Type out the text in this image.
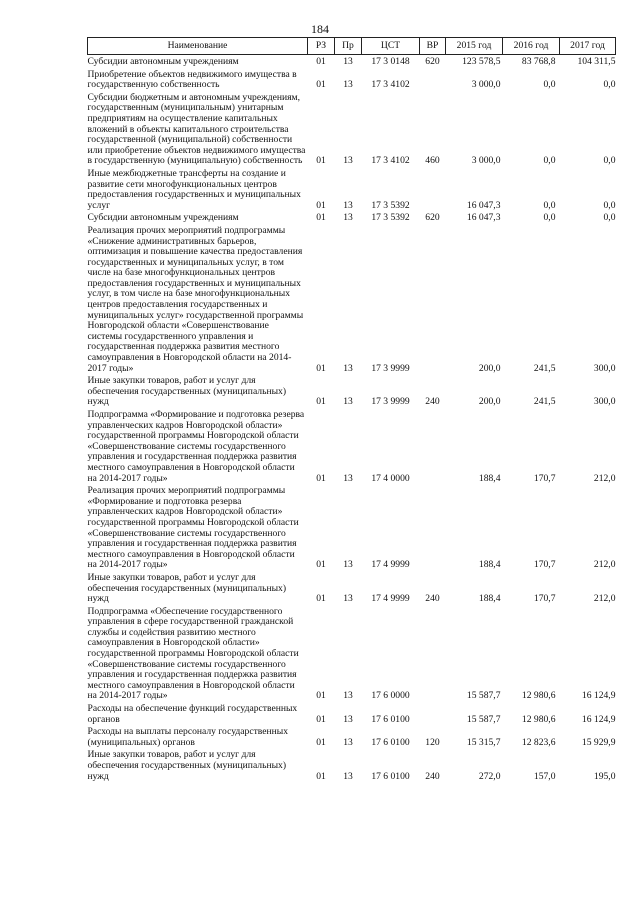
184
Наименование	РЗ	Пр	ЦСТ	ВР	2015 год	2016 год	2017 год
Субсидии автономным учреждениям	01	13	17 3 0148	620	123 578,5	83 768,8	104 311,5
Приобретение объектов недвижимого имущества в государственную собственность	01	13	17 3 4102		3 000,0	0,0	0,0
Субсидии бюджетным и автономным учреждениям, государственным (муниципальным) унитарным предприятиям на осуществление капитальных вложений в объекты капитального строительства государственной (муниципальной) собственности или приобретение объектов недвижимого имущества в государственную (муниципальную) собственность	01	13	17 3 4102	460	3 000,0	0,0	0,0
Иные межбюджетные трансферты на создание и развитие сети многофункциональных центров предоставления государственных и муниципальных услуг	01	13	17 3 5392		16 047,3	0,0	0,0
Субсидии автономным учреждениям	01	13	17 3 5392	620	16 047,3	0,0	0,0
Реализация прочих мероприятий подпрограммы «Снижение административных барьеров, оптимизация и повышение качества предоставления государственных и муниципальных услуг, в том числе на базе многофункциональных центров предоставления государственных и муниципальных услуг, в том числе на базе многофункциональных центров предоставления государственных и муниципальных услуг» государственной программы Новгородской области «Совершенствование системы государственного управления и государственная поддержка развития местного самоуправления в Новгородской области на 2014-2017 годы»	01	13	17 3 9999		200,0	241,5	300,0
Иные закупки товаров, работ и услуг для обеспечения государственных (муниципальных) нужд	01	13	17 3 9999	240	200,0	241,5	300,0
Подпрограмма «Формирование и подготовка резерва управленческих кадров Новгородской области» государственной программы Новгородской области «Совершенствование системы государственного управления и государственная поддержка развития местного самоуправления в Новгородской области на 2014-2017 годы»	01	13	17 4 0000		188,4	170,7	212,0
Реализация прочих мероприятий подпрограммы «Формирование и подготовка резерва управленческих кадров Новгородской области» государственной программы Новгородской области «Совершенствование системы государственного управления и государственная поддержка развития местного самоуправления в Новгородской области на 2014-2017 годы»	01	13	17 4 9999		188,4	170,7	212,0
Иные закупки товаров, работ и услуг для обеспечения государственных (муниципальных) нужд	01	13	17 4 9999	240	188,4	170,7	212,0
Подпрограмма «Обеспечение государственного управления в сфере государственной гражданской службы и содействия развитию местного самоуправления в Новгородской области» государственной программы Новгородской области «Совершенствование системы государственного управления и государственная поддержка развития местного самоуправления в Новгородской области на 2014-2017 годы»	01	13	17 6 0000		15 587,7	12 980,6	16 124,9
Расходы на обеспечение функций государственных органов	01	13	17 6 0100		15 587,7	12 980,6	16 124,9
Расходы на выплаты персоналу государственных (муниципальных) органов	01	13	17 6 0100	120	15 315,7	12 823,6	15 929,9
Иные закупки товаров, работ и услуг для обеспечения государственных (муниципальных) нужд	01	13	17 6 0100	240	272,0	157,0	195,0
